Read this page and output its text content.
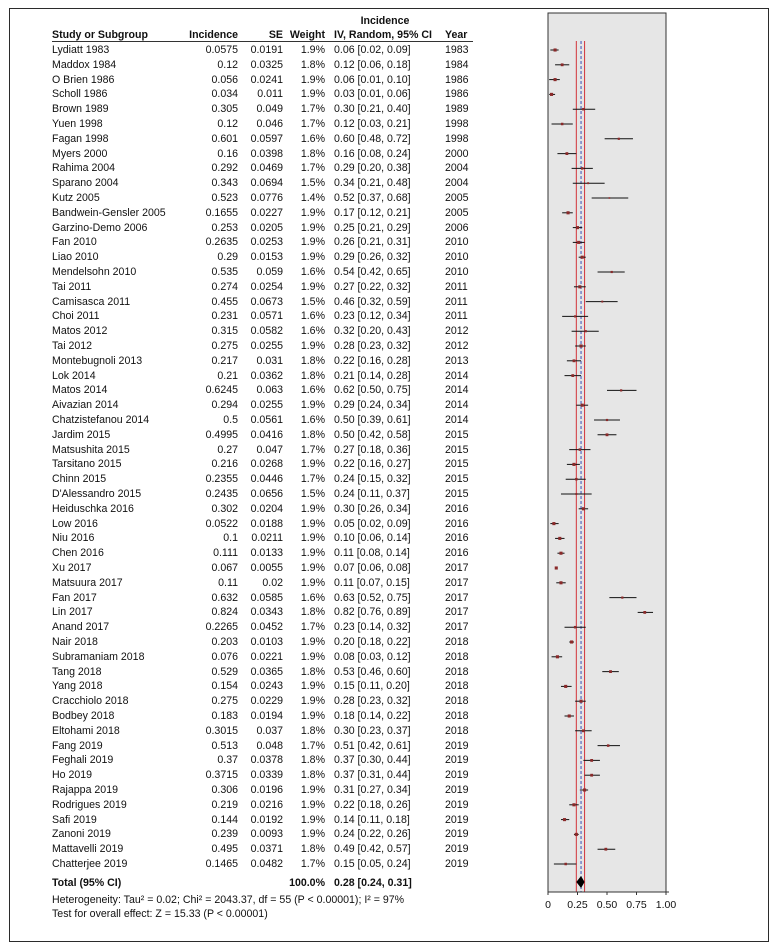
Incidence
Study or Subgroup	Incidence	SE Weight IV, Random, 95% CI Year
Lydiatt 1983	0.0575	0.0191	1.9% 0.06 [0.02, 0.09]	1983
Maddox 1984	0.12	0.0325	1.8% 0.12 [0.06, 0.18]	1984
O Brien 1986	0.056	0.0241	1.9% 0.06 [0.01, 0.10]	1986
Scholl 1986	0.034	0.011	1.9% 0.03 [0.01, 0.06]	1986
Brown 1989	0.305	0.049	1.7% 0.30 [0.21, 0.40]	1989
Yuen 1998	0.12	0.046	1.7% 0.12 [0.03, 0.21]	1998
Fagan 1998	0.601	0.0597	1.6% 0.60 [0.48, 0.72]	1998
Myers 2000	0.16	0.0398	1.8% 0.16 [0.08, 0.24]	2000
Rahima 2004	0.292	0.0469	1.7% 0.29 [0.20, 0.38]	2004
Sparano 2004	0.343	0.0694	1.5% 0.34 [0.21, 0.48]	2004
Kutz 2005	0.523	0.0776	1.4% 0.52 [0.37, 0.68]	2005
Bandwein-Gensler 2005	0.1655	0.0227	1.9% 0.17 [0.12, 0.21]	2005
Garzino-Demo 2006	0.253	0.0205	1.9% 0.25 [0.21, 0.29]	2006
Fan 2010	0.2635	0.0253	1.9% 0.26 [0.21, 0.31]	2010
Liao 2010	0.29	0.0153	1.9% 0.29 [0.26, 0.32]	2010
Mendelsohn 2010	0.535	0.059	1.6% 0.54 [0.42, 0.65]	2010
Tai 2011	0.274	0.0254	1.9% 0.27 [0.22, 0.32]	2011
Camisasca 2011	0.455	0.0673	1.5% 0.46 [0.32, 0.59]	2011
Choi 2011	0.231	0.0571	1.6% 0.23 [0.12, 0.34]	2011
Matos 2012	0.315	0.0582	1.6% 0.32 [0.20, 0.43]	2012
Tai 2012	0.275	0.0255	1.9% 0.28 [0.23, 0.32]	2012
Montebugnoli 2013	0.217	0.031	1.8% 0.22 [0.16, 0.28]	2013
Lok 2014	0.21	0.0362	1.8% 0.21 [0.14, 0.28]	2014
Matos 2014	0.6245	0.063	1.6% 0.62 [0.50, 0.75]	2014
Aivazian 2014	0.294	0.0255	1.9% 0.29 [0.24, 0.34]	2014
Chatzistefanou 2014	0.5	0.0561	1.6% 0.50 [0.39, 0.61]	2014
Jardim 2015	0.4995	0.0416	1.8% 0.50 [0.42, 0.58]	2015
Matsushita 2015	0.27	0.047	1.7% 0.27 [0.18, 0.36]	2015
Tarsitano 2015	0.216	0.0268	1.9% 0.22 [0.16, 0.27]	2015
Chinn 2015	0.2355	0.0446	1.7% 0.24 [0.15, 0.32]	2015
D'Alessandro 2015	0.2435	0.0656	1.5% 0.24 [0.11, 0.37]	2015
Heiduschka 2016	0.302	0.0204	1.9% 0.30 [0.26, 0.34]	2016
Low 2016	0.0522	0.0188	1.9% 0.05 [0.02, 0.09]	2016
Niu 2016	0.1	0.0211	1.9% 0.10 [0.06, 0.14]	2016
Chen 2016	0.111	0.0133	1.9% 0.11 [0.08, 0.14]	2016
Xu 2017	0.067	0.0055	1.9% 0.07 [0.06, 0.08]	2017
Matsuura 2017	0.11	0.02	1.9% 0.11 [0.07, 0.15]	2017
Fan 2017	0.632	0.0585	1.6% 0.63 [0.52, 0.75]	2017
Lin 2017	0.824	0.0343	1.8% 0.82 [0.76, 0.89]	2017
Anand 2017	0.2265	0.0452	1.7% 0.23 [0.14, 0.32]	2017
Nair 2018	0.203	0.0103	1.9% 0.20 [0.18, 0.22]	2018
Subramaniam 2018	0.076	0.0221	1.9% 0.08 [0.03, 0.12]	2018
Tang 2018	0.529	0.0365	1.8% 0.53 [0.46, 0.60]	2018
Yang 2018	0.154	0.0243	1.9% 0.15 [0.11, 0.20]	2018
Cracchiolo 2018	0.275	0.0229	1.9% 0.28 [0.23, 0.32]	2018
Bodbey 2018	0.183	0.0194	1.9% 0.18 [0.14, 0.22]	2018
Eltohami 2018	0.3015	0.037	1.8% 0.30 [0.23, 0.37]	2018
Fang 2019	0.513	0.048	1.7% 0.51 [0.42, 0.61]	2019
Feghali 2019	0.37	0.0378	1.8% 0.37 [0.30, 0.44]	2019
Ho 2019	0.3715	0.0339	1.8% 0.37 [0.31, 0.44]	2019
Rajappa 2019	0.306	0.0196	1.9% 0.31 [0.27, 0.34]	2019
Rodrigues 2019	0.219	0.0216	1.9% 0.22 [0.18, 0.26]	2019
Safi 2019	0.144	0.0192	1.9% 0.14 [0.11, 0.18]	2019
Zanoni 2019	0.239	0.0093	1.9% 0.24 [0.22, 0.26]	2019
Mattavelli 2019	0.495	0.0371	1.8% 0.49 [0.42, 0.57]	2019
Chatterjee 2019	0.1465	0.0482	1.7% 0.15 [0.05, 0.24]	2019
Total (95% CI)	100.0% 0.28 [0.24, 0.31]
Heterogeneity: Tau² = 0.02; Chi² = 2043.37, df = 55 (P < 0.00001); I² = 97%
Test for overall effect: Z = 15.33 (P < 0.00001)
0 0.25 0.50 0.75 1.00
